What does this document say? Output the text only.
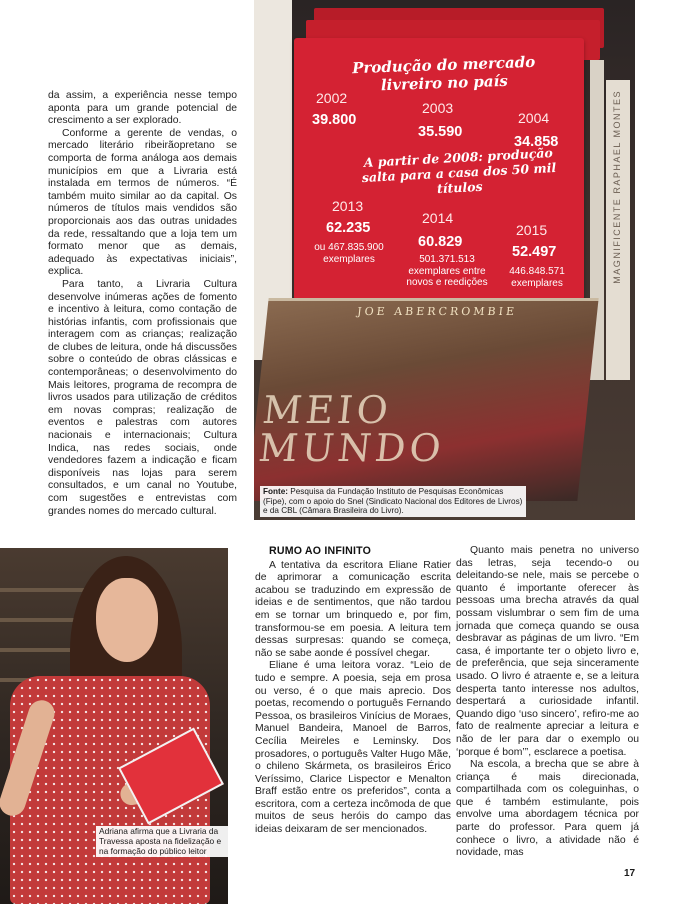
da assim, a experiência nesse tempo aponta para um grande potencial de crescimento a ser explorado.

Conforme a gerente de vendas, o mercado literário ribeirãopretano se comporta de forma análoga aos demais municípios em que a Livraria está instalada em termos de números. “É também muito similar ao da capital. Os números de títulos mais vendidos são proporcionais aos das outras unidades da rede, ressaltando que a loja tem um formato menor que as demais, adequado às expectativas iniciais”, explica.

Para tanto, a Livraria Cultura desenvolve inúmeras ações de fomento e incentivo à leitura, como contação de histórias infantis, com profissionais que interagem com as crianças; realização de clubes de leitura, onde há discussões sobre o conteúdo de obras clássicas e contemporâneas; o desenvolvimento do Mais leitores, programa de recompra de livros usados para utilização de créditos em novas compras; realização de eventos e palestras com autores nacionais e internacionais; Cultura Indica, nas redes sociais, onde vendedores fazem a indicação e ficam disponíveis nas lojas para serem consultados, e um canal no Youtube, com sugestões e entrevistas com grandes nomes do mercado cultural.

MAGNIFICENTE RAPHAEL MONTES
Produção do mercado livreiro no país
2002
39.800
2003
35.590
2004
34.858
A partir de 2008: produção salta para a casa dos 50 mil títulos
2013
62.235
ou 467.835.900 exemplares
2014
60.829
501.371.513 exemplares entre novos e reedições
2015
52.497
446.848.571 exemplares
JOE ABERCROMBIE
MEIO MUNDO
Fonte: Pesquisa da Fundação Instituto de Pesquisas Econômicas (Fipe), com o apoio do Snel (Sindicato Nacional dos Editores de Livros) e da CBL (Câmara Brasileira do Livro).
Adriana afirma que a Livraria da Travessa aposta na fidelização e na formação do público leitor
RUMO AO INFINITO

A tentativa da escritora Eliane Ratier de aprimorar a comunicação escrita acabou se traduzindo em expressão de ideias e de sentimentos, que não tardou em se tornar um brinquedo e, por fim, transformou-se em poesia. A leitura tem dessas surpresas: quando se começa, não se sabe aonde é possível chegar.

Eliane é uma leitora voraz. “Leio de tudo e sempre. A poesia, seja em prosa ou verso, é o que mais aprecio. Dos poetas, recomendo o português Fernando Pessoa, os brasileiros Vinícius de Moraes, Manuel Bandeira, Manoel de Barros, Cecília Meireles e Leminsky. Dos prosadores, o português Valter Hugo Mãe, o chileno Skármeta, os brasileiros Érico Veríssimo, Clarice Lispector e Menalton Braff estão entre os preferidos”, conta a escritora, com a certeza incômoda de que muitos de seus heróis do campo das ideias deixaram de ser mencionados.

Quanto mais penetra no universo das letras, seja tecendo-o ou deleitando-se nele, mais se percebe o quanto é importante oferecer às pessoas uma brecha através da qual possam vislumbrar o sem fim de uma jornada que começa quando se ousa desbravar as páginas de um livro. “Em casa, é importante ter o objeto livro e, de preferência, que seja sinceramente usado. O livro é atraente e, se a leitura desperta tanto interesse nos adultos, despertará a curiosidade infantil. Quando digo ‘uso sincero’, refiro-me ao fato de realmente apreciar a leitura e não de ler para dar o exemplo ou ‘porque é bom’”, esclarece a poetisa.

Na escola, a brecha que se abre à criança é mais direcionada, compartilhada com os coleguinhas, o que é também estimulante, pois envolve uma abordagem técnica por parte do professor. Para quem já conhece o livro, a atividade não é novidade, mas

17
